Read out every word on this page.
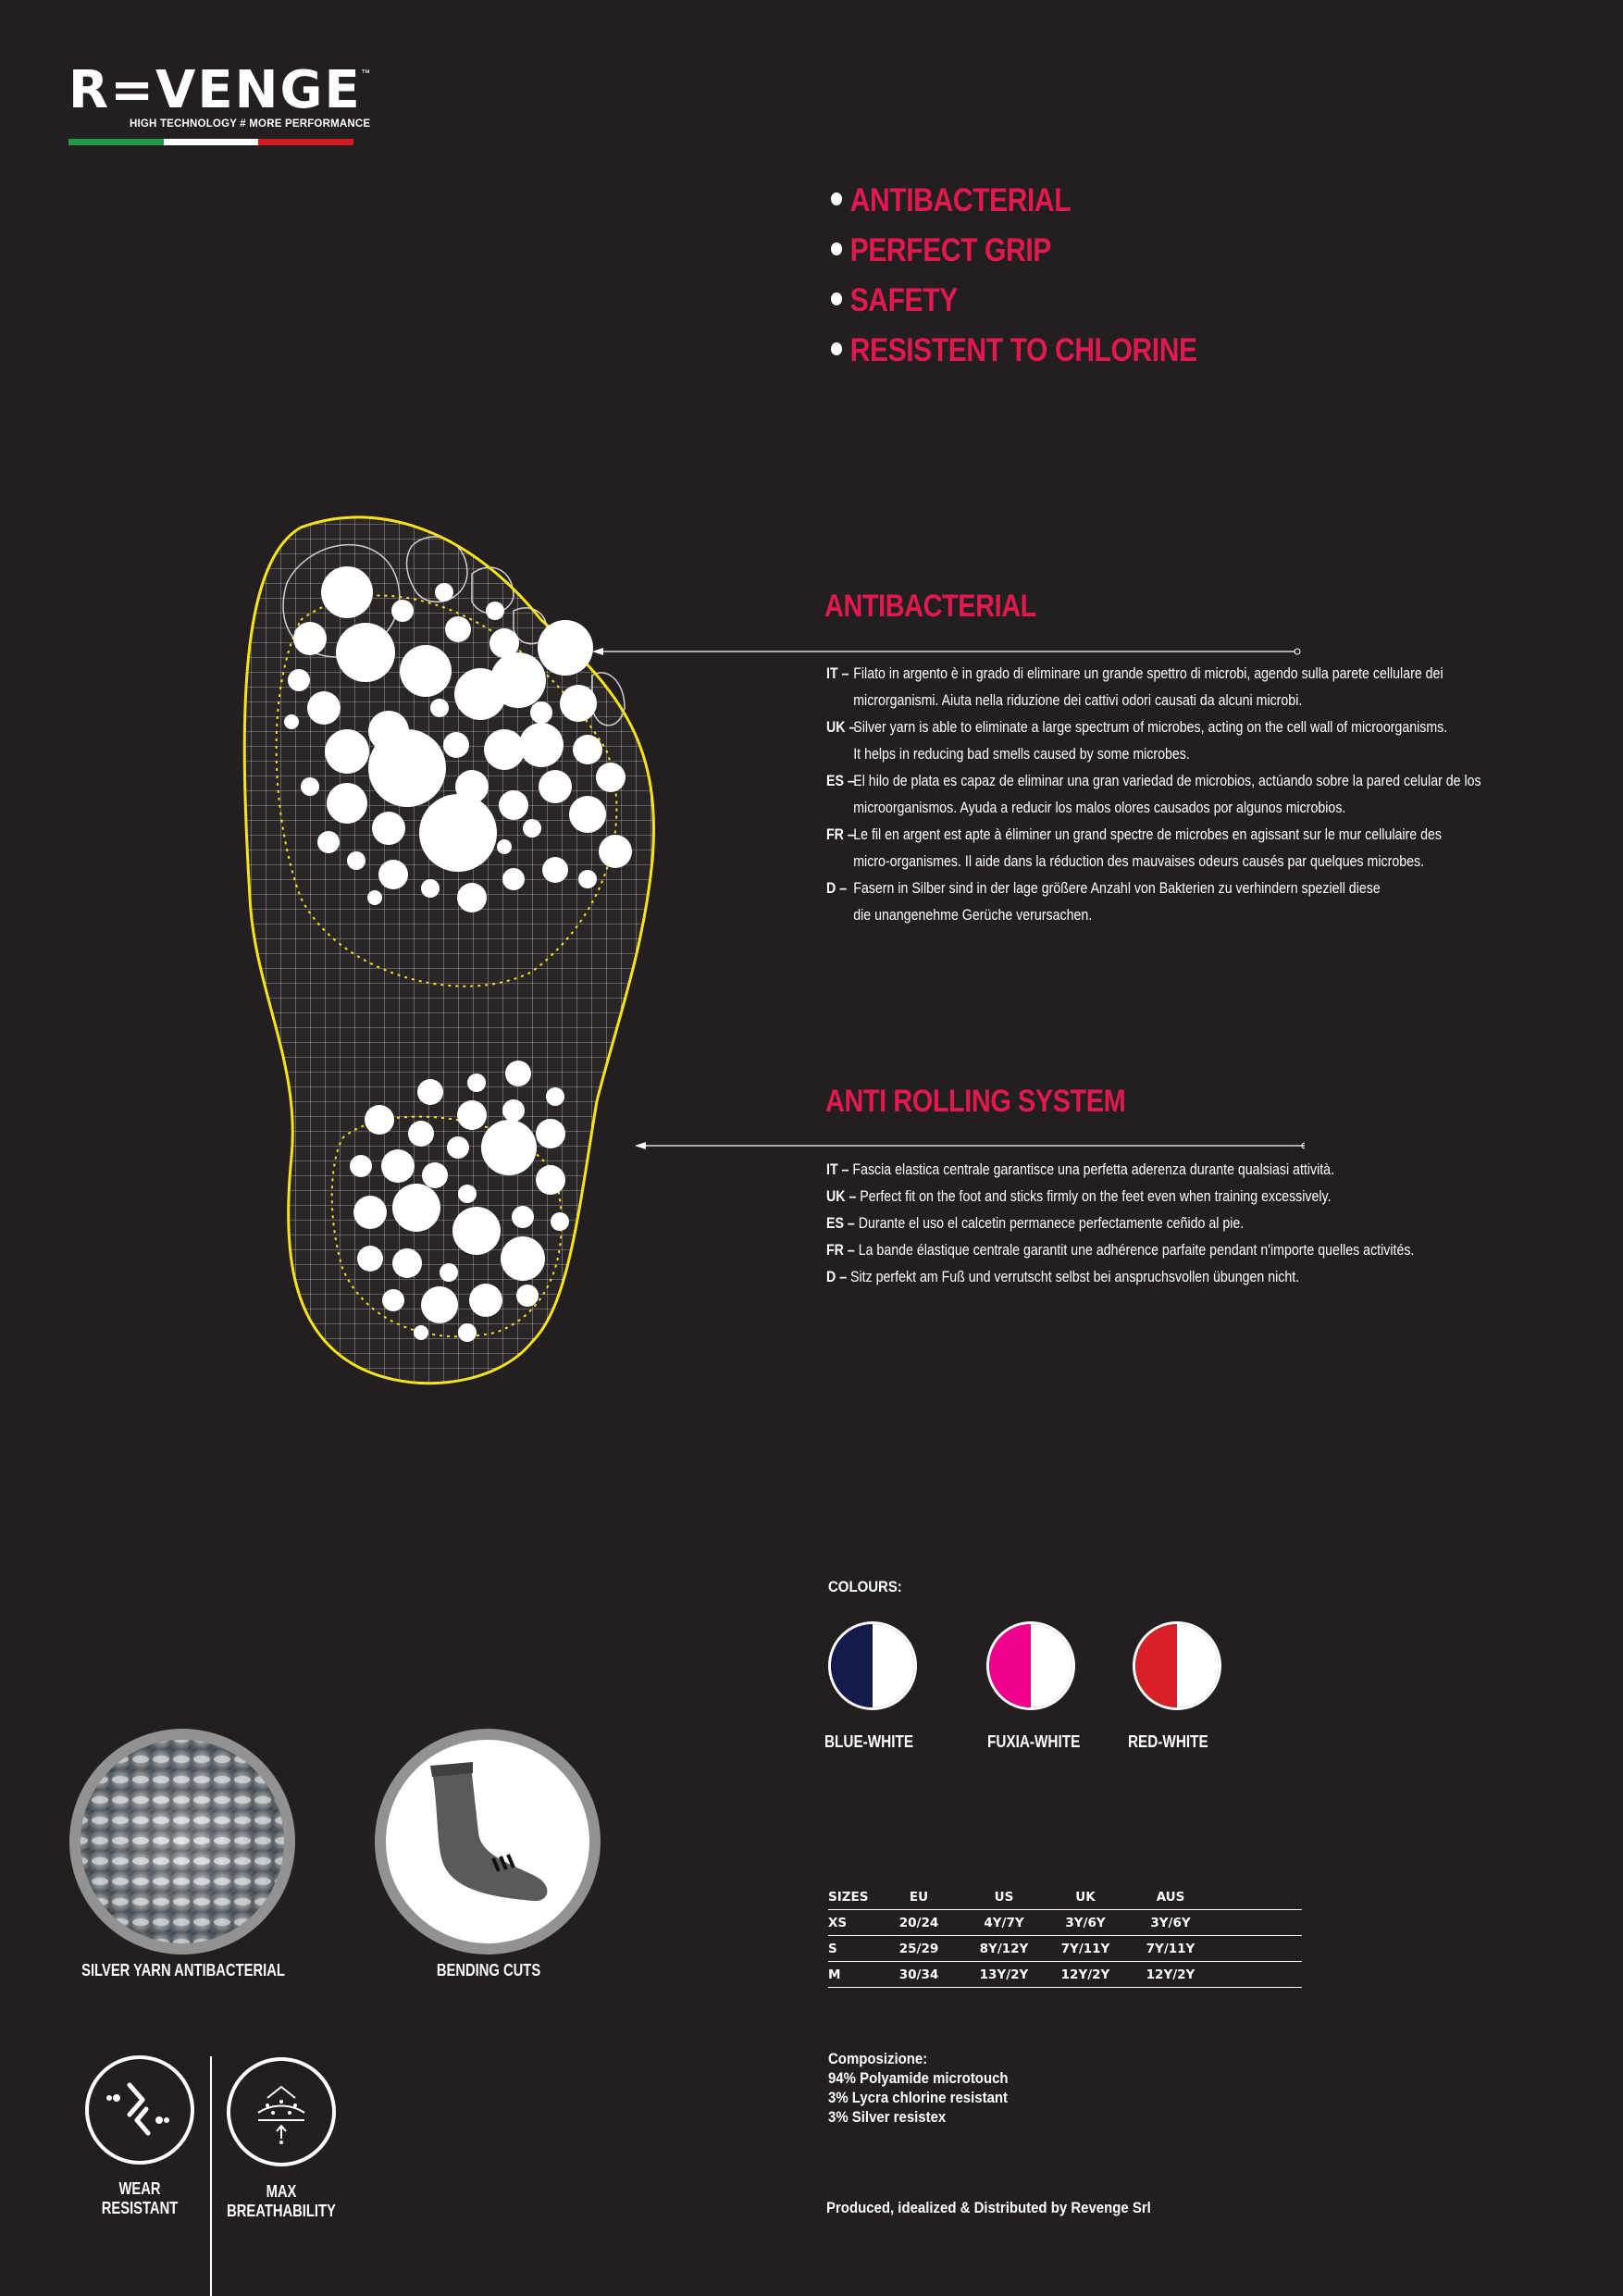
R=VENGE ™
HIGH TECHNOLOGY # MORE PERFORMANCE
ANTIBACTERIAL
PERFECT GRIP
SAFETY
RESISTENT TO CHLORINE
ANTIBACTERIAL
IT – Filato in argento è in grado di eliminare un grande spettro di microbi, agendo sulla parete cellulare dei
microrganismi. Aiuta nella riduzione dei cattivi odori causati da alcuni microbi.
UK –
Silver yarn is able to eliminate a large spectrum of microbes, acting on the cell wall of microorganisms.
It helps in reducing bad smells caused by some microbes.
ES –
El hilo de plata es capaz de eliminar una gran variedad de microbios, actúando sobre la pared celular de los
microorganismos. Ayuda a reducir los malos olores causados por algunos microbios.
FR –
Le fil en argent est apte à éliminer un grand spectre de microbes en agissant sur le mur cellulaire des
micro-organismes. Il aide dans la réduction des mauvaises odeurs causés par quelques microbes.
D – Fasern in Silber sind in der lage größere Anzahl von Bakterien zu verhindern speziell diese
die unangenehme Gerüche verursachen.
ANTI ROLLING SYSTEM
IT – Fascia elastica centrale garantisce una perfetta aderenza durante qualsiasi attività.
UK – Perfect fit on the foot and sticks firmly on the feet even when training excessively.
ES – Durante el uso el calcetin permanece perfectamente ceñido al pie.
FR – La bande élastique centrale garantit une adhérence parfaite pendant n'importe quelles activités.
D – Sitz perfekt am Fuß und verrutscht selbst bei anspruchsvollen übungen nicht.
COLOURS:
BLUE-WHITE	FUXIA-WHITE	RED-WHITE
SILVER YARN ANTIBACTERIAL	BENDING CUTS
WEAR
RESISTANT
MAX
BREATHABILITY
SIZES	EU	US	UK	AUS	
XS	20/24	4Y/7Y	3Y/6Y	3Y/6Y	
S	25/29	8Y/12Y	7Y/11Y	7Y/11Y	
M	30/34	13Y/2Y	12Y/2Y	12Y/2Y	
Composizione:
94% Polyamide microtouch
3% Lycra chlorine resistant
3% Silver resistex
Produced, idealized & Distributed by Revenge Srl
